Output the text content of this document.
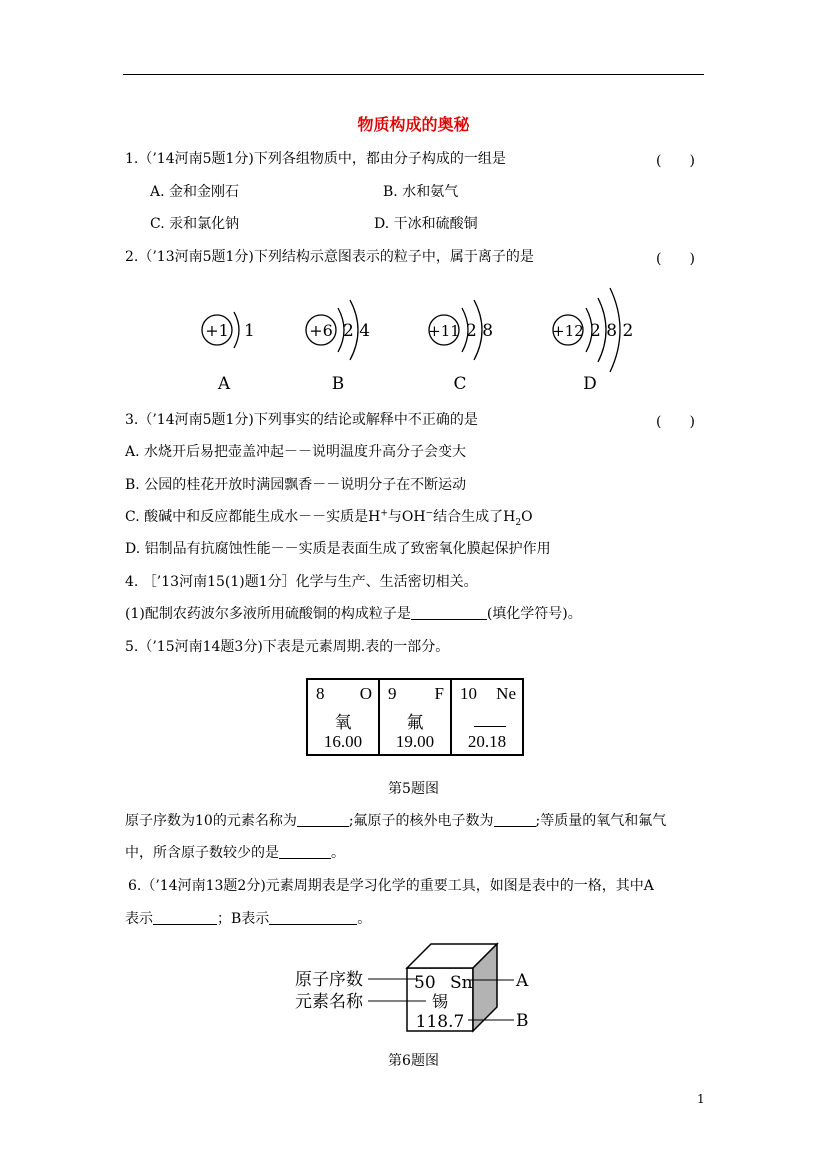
物质构成的奥秘
1.（’14河南5题1分)下列各组物质中，都由分子构成的一组是	(　　)
A. 金和金刚石	B. 水和氨气
C. 汞和氯化钠	D. 干冰和硫酸铜
2.（’13河南5题1分)下列结构示意图表示的粒子中，属于离子的是	(　　)
+1 1
A
+6 2 4
B
+11 2 8
C
+12 2 8 2
D
3.（’14河南5题1分)下列事实的结论或解释中不正确的是	(　　)
A. 水烧开后易把壶盖冲起－－说明温度升高分子会变大
B. 公园的桂花开放时满园飘香－－说明分子在不断运动
C. 酸碱中和反应都能生成水－－实质是H+与OH−结合生成了$H_2O$
D. 铝制品有抗腐蚀性能－－实质是表面生成了致密氧化膜起保护作用
4. ［’13河南15(1)题1分］化学与生产、生活密切相关。
(1)配制农药波尔多液所用硫酸铜的构成粒子是	(填化学符号)。
5.（’15河南14题3分)下表是元素周期.表的一部分。
8 O
氧
16.00

9 F
氟
19.00

10 Ne
20.18
第5题图
原子序数为10的元素名称为	;氟原子的核外电子数为	;等质量的氧气和氟气
中，所含原子数较少的是	。
6.（’14河南13题2分)元素周期表是学习化学的重要工具，如图是表中的一格，其中A
表示	；B表示	。
50 Sn
锡
118.7
原子序数
元素名称
A
B
第6题图
1
